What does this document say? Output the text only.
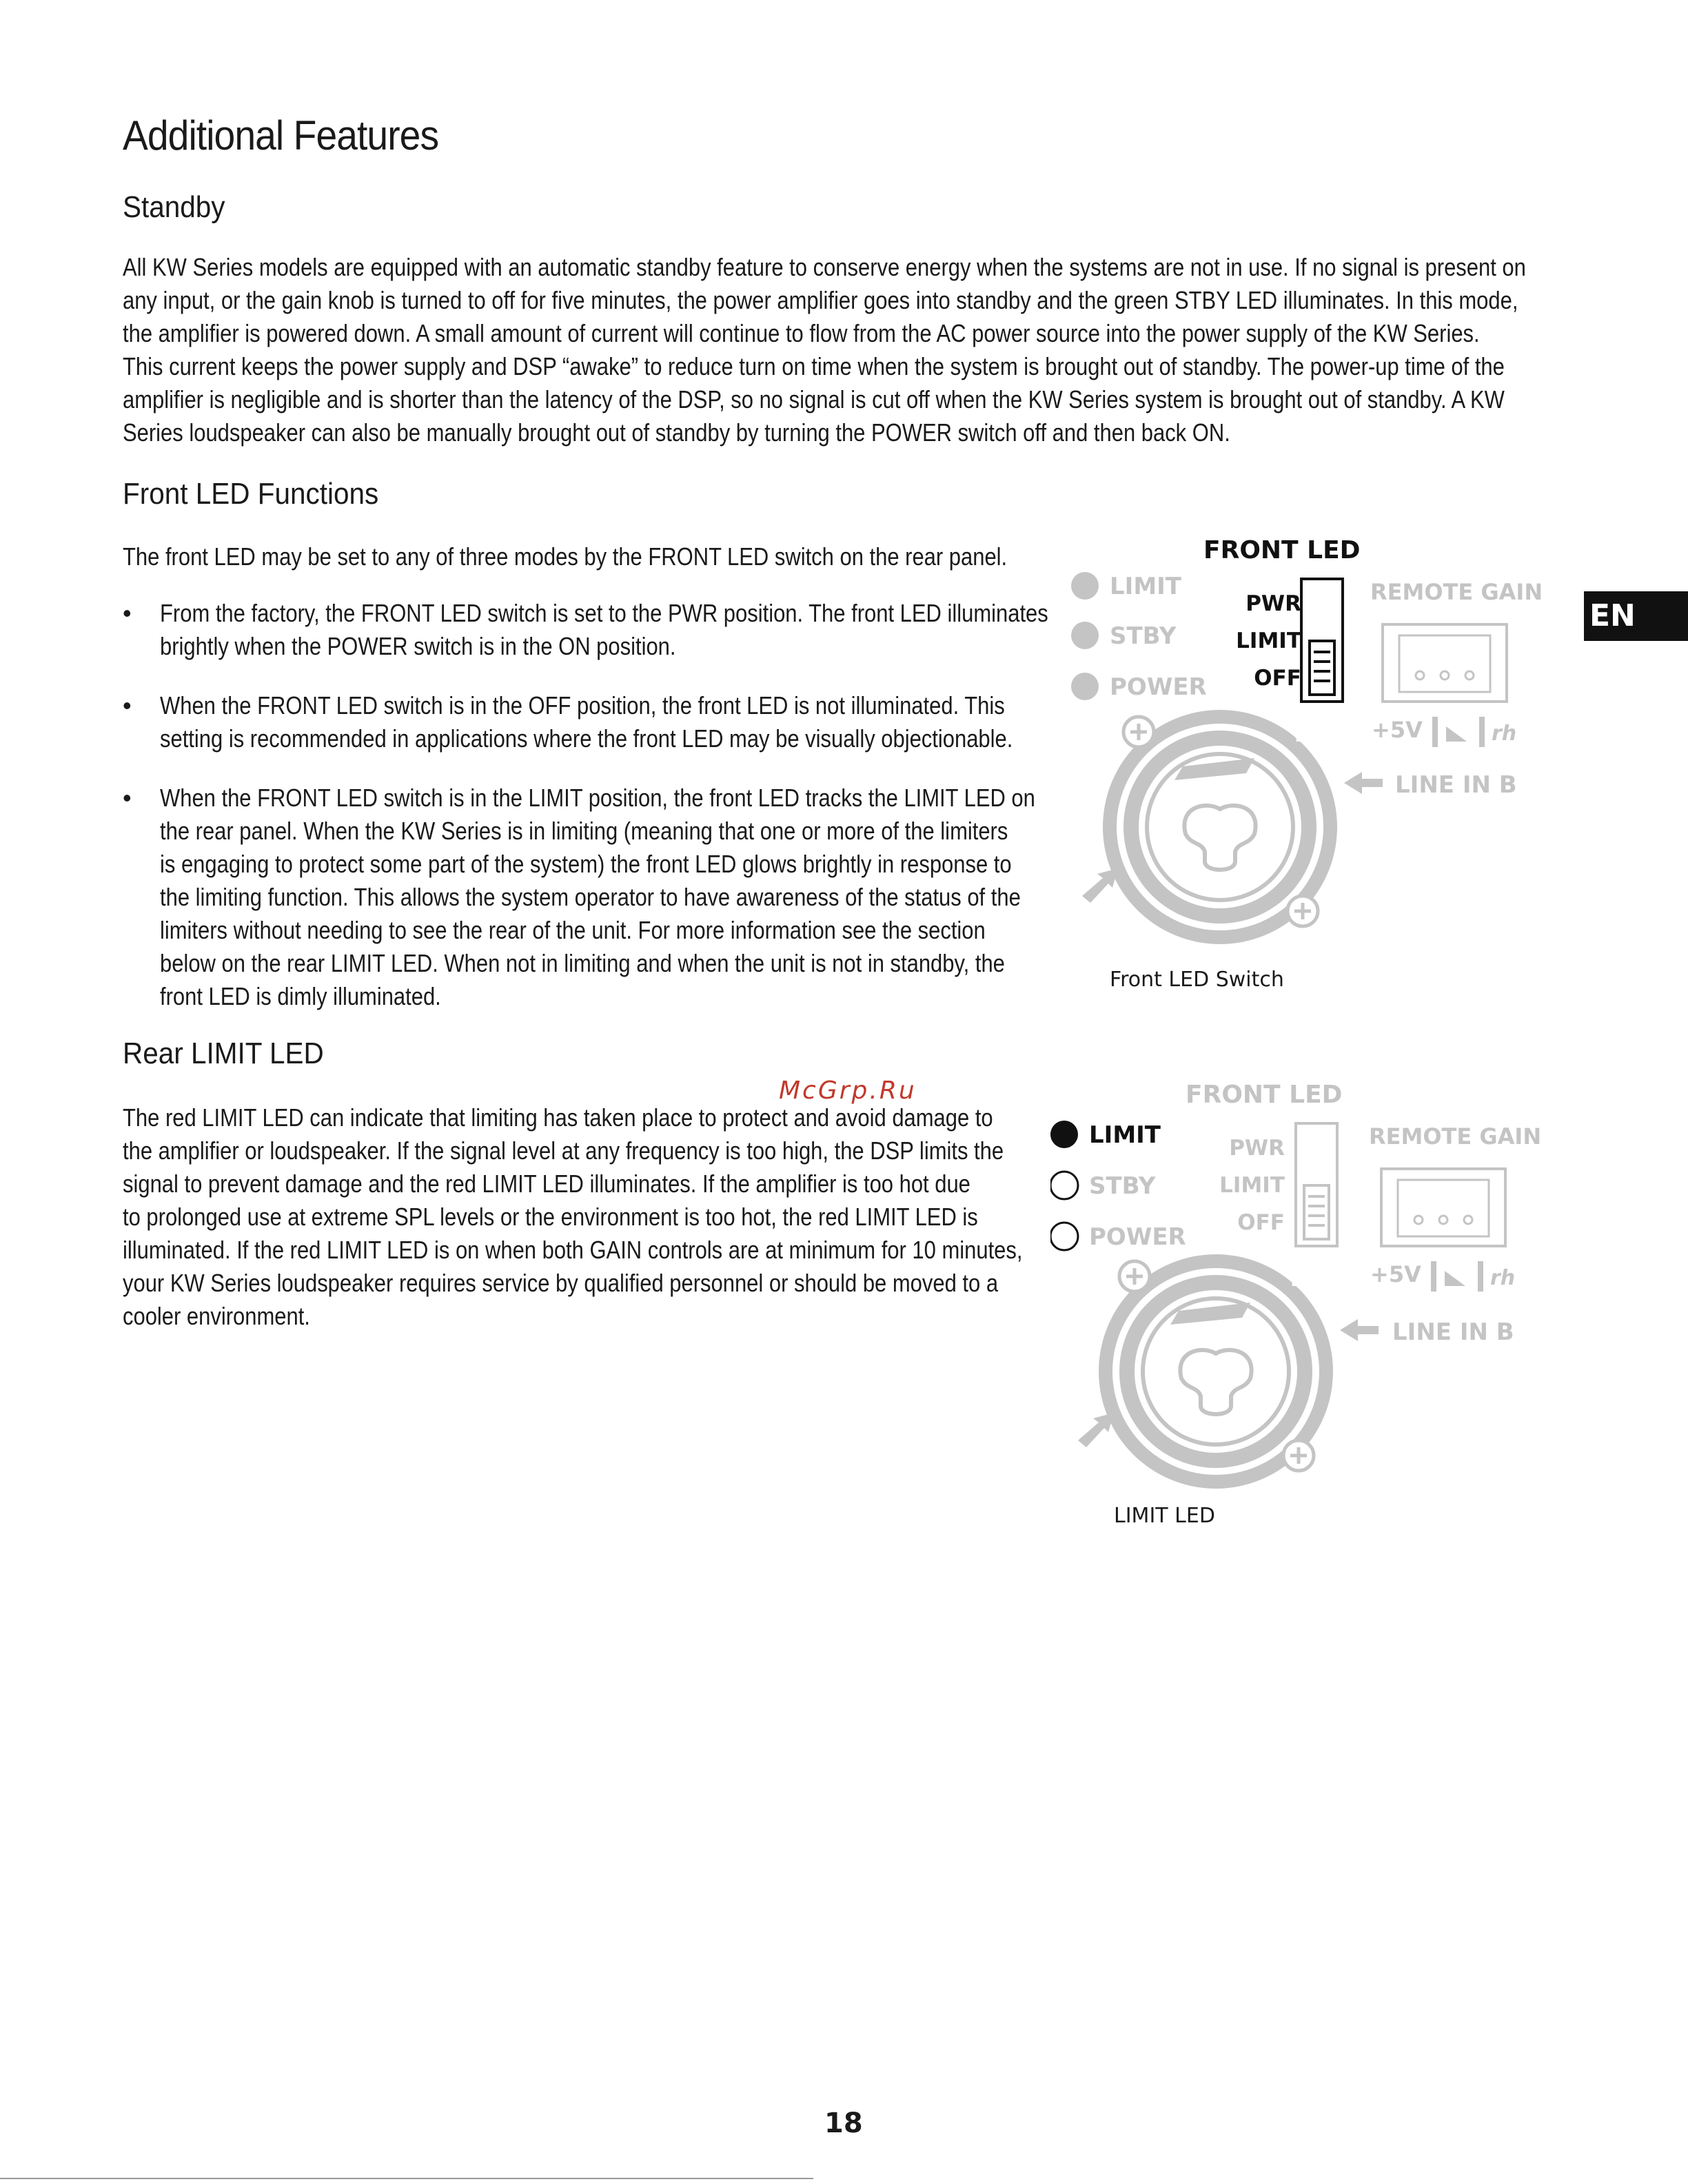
Additional Features
Standby
All KW Series models are equipped with an automatic standby feature to conserve energy when the systems are not in use. If no signal is present on
any input, or the gain knob is turned to off for five minutes, the power amplifier goes into standby and the green STBY LED illuminates. In this mode,
the amplifier is powered down. A small amount of current will continue to flow from the AC power source into the power supply of the KW Series.
This current keeps the power supply and DSP “awake” to reduce turn on time when the system is brought out of standby. The power-up time of the
amplifier is negligible and is shorter than the latency of the DSP, so no signal is cut off when the KW Series system is brought out of standby. A KW
Series loudspeaker can also be manually brought out of standby by turning the POWER switch off and then back ON.
Front LED Functions
The front LED may be set to any of three modes by the FRONT LED switch on the rear panel.
• From the factory, the FRONT LED switch is set to the PWR position. The front LED illuminates
brightly when the POWER switch is in the ON position.
• When the FRONT LED switch is in the OFF position, the front LED is not illuminated. This
setting is recommended in applications where the front LED may be visually objectionable.
• When the FRONT LED switch is in the LIMIT position, the front LED tracks the LIMIT LED on
the rear panel. When the KW Series is in limiting (meaning that one or more of the limiters
is engaging to protect some part of the system) the front LED glows brightly in response to
the limiting function. This allows the system operator to have awareness of the status of the
limiters without needing to see the rear of the unit. For more information see the section
below on the rear LIMIT LED. When not in limiting and when the unit is not in standby, the
front LED is dimly illuminated.
Rear LIMIT LED
The red LIMIT LED can indicate that limiting has taken place to protect and avoid damage to
the amplifier or loudspeaker. If the signal level at any frequency is too high, the DSP limits the
signal to prevent damage and the red LIMIT LED illuminates. If the amplifier is too hot due
to prolonged use at extreme SPL levels or the environment is too hot, the red LIMIT LED is
illuminated. If the red LIMIT LED is on when both GAIN controls are at minimum for 10 minutes,
your KW Series loudspeaker requires service by qualified personnel or should be moved to a
cooler environment.
EN
McGrp.Ru
LIMIT
STBY
POWER
FRONT LED
PWR
LIMIT
OFF
REMOTE GAIN
+5V	rh
B
LINE IN B
Front LED Switch
LIMIT
STBY
POWER
FRONT LED
PWR
LIMIT
OFF
REMOTE GAIN
+5V	rh
B
LINE IN B
LIMIT LED
18
